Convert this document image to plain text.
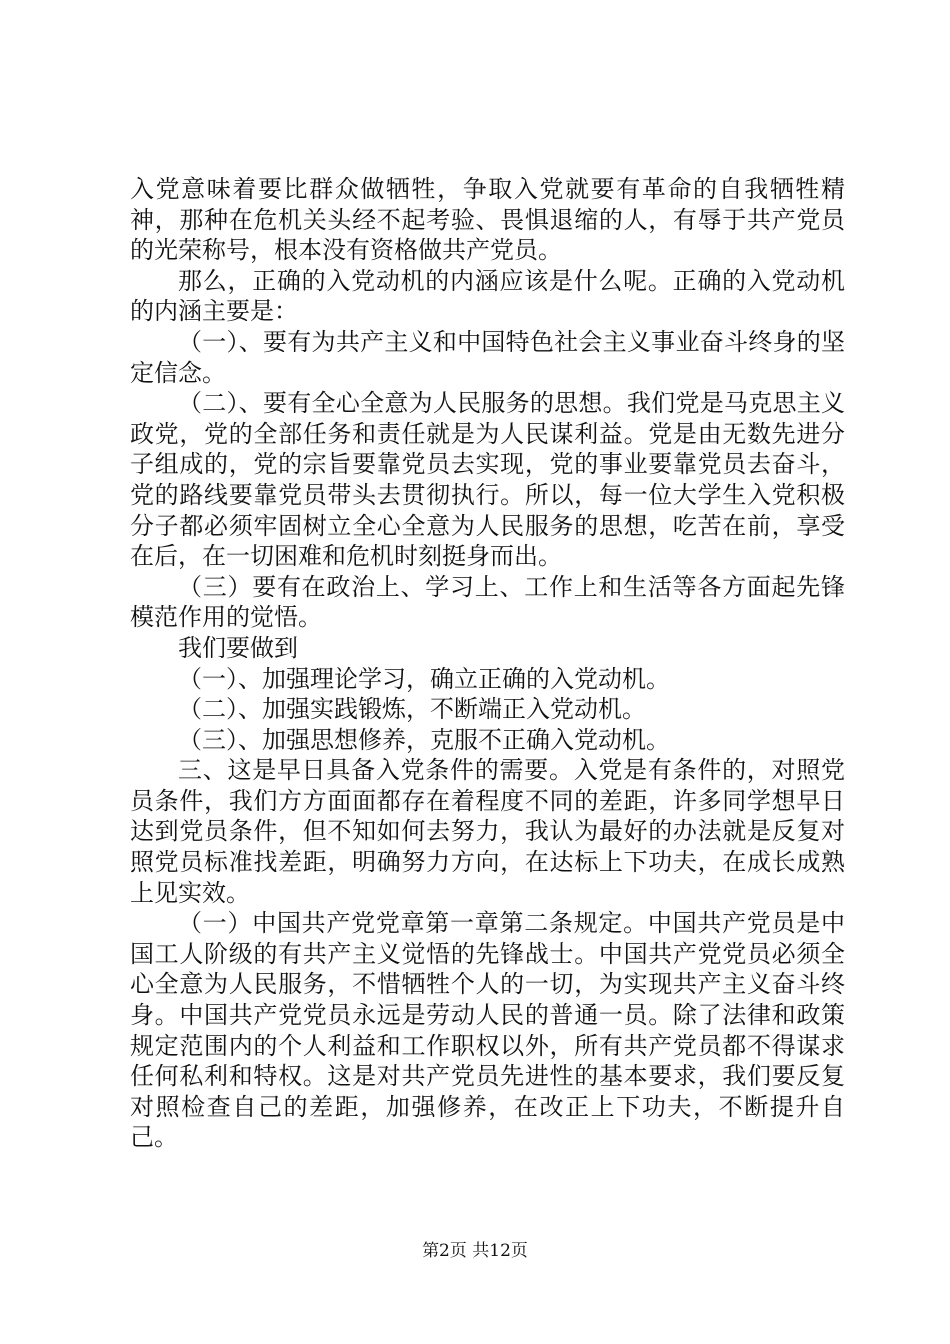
入党意味着要比群众做牺牲，争取入党就要有革命的自我牺牲精神，那种在危机关头经不起考验、畏惧退缩的人，有辱于共产党员的光荣称号，根本没有资格做共产党员。

那么，正确的入党动机的内涵应该是什么呢。正确的入党动机的内涵主要是：

（一）、要有为共产主义和中国特色社会主义事业奋斗终身的坚定信念。

（二）、要有全心全意为人民服务的思想。我们党是马克思主义政党，党的全部任务和责任就是为人民谋利益。党是由无数先进分子组成的，党的宗旨要靠党员去实现，党的事业要靠党员去奋斗，党的路线要靠党员带头去贯彻执行。所以，每一位大学生入党积极分子都必须牢固树立全心全意为人民服务的思想，吃苦在前，享受在后，在一切困难和危机时刻挺身而出。

（三）要有在政治上、学习上、工作上和生活等各方面起先锋模范作用的觉悟。

我们要做到

（一）、加强理论学习，确立正确的入党动机。

（二）、加强实践锻炼，不断端正入党动机。

（三）、加强思想修养，克服不正确入党动机。

三、这是早日具备入党条件的需要。入党是有条件的，对照党员条件，我们方方面面都存在着程度不同的差距，许多同学想早日达到党员条件，但不知如何去努力，我认为最好的办法就是反复对照党员标准找差距，明确努力方向，在达标上下功夫，在成长成熟上见实效。

（一）中国共产党党章第一章第二条规定。中国共产党员是中国工人阶级的有共产主义觉悟的先锋战士。中国共产党党员必须全心全意为人民服务，不惜牺牲个人的一切，为实现共产主义奋斗终身。中国共产党党员永远是劳动人民的普通一员。除了法律和政策规定范围内的个人利益和工作职权以外，所有共产党员都不得谋求任何私利和特权。这是对共产党员先进性的基本要求，我们要反复对照检查自己的差距，加强修养，在改正上下功夫，不断提升自己。

第2页 共12页
